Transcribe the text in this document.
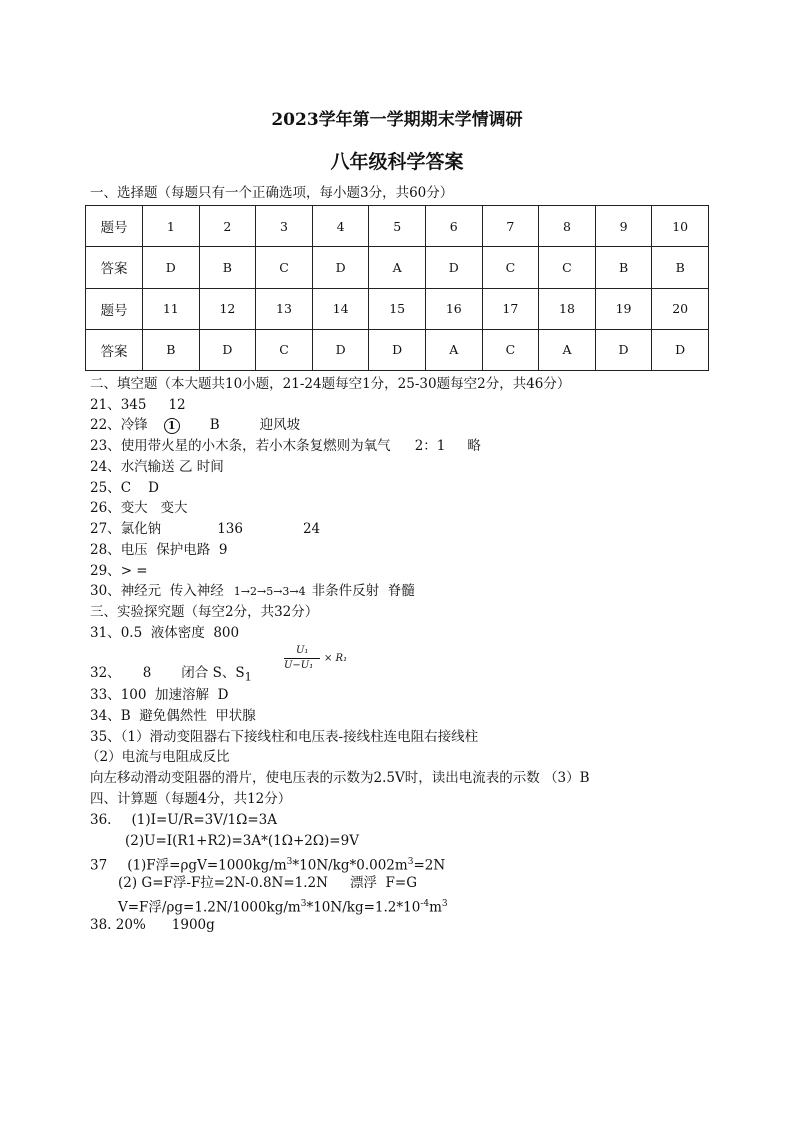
2023学年第一学期期末学情调研
八年级科学答案
一、选择题（每题只有一个正确选项，每小题3分，共60分）
题号	1	2	3	4	5	6	7	8	9	10
答案	D	B	C	D	A	D	C	C	B	B
题号	11	12	13	14	15	16	17	18	19	20
答案	B	D	C	D	D	A	C	A	D	D
二、填空题（本大题共10小题，21-24题每空1分，25-30题每空2分，共46分）
21、345 12
22、冷锋 1	B	迎风坡
23、使用带火星的小木条，若小木条复燃则为氧气 2：1 略
24、水汽输送 乙 时间
25、C    D
26、变大   变大
27、氯化钠	136	24
28、电压  保护电路  9
29、> =
30、神经元  传入神经 1→2→5→3→4 非条件反射  脊髓
三、实验探究题（每空2分，共32分）
31、0.5  液体密度  800
32、 8 闭合 S、$S_1$
U₁
U−U₁
× R₁
33、100  加速溶解  D
34、B  避免偶然性  甲状腺
35、（1）滑动变阻器右下接线柱和电压表-接线柱连电阻右接线柱
（2）电流与电阻成反比
向左移动滑动变阻器的滑片，使电压表的示数为2.5V时，读出电流表的示数 （3）B
四、计算题（每题4分，共12分）
36. (1)I=U/R=3V/1Ω=3A
(2)U=I(R1+R2)=3A*(1Ω+2Ω)=9V
37 (1)F浮$=\rho gV=1000kg/m^3*10N/kg*0.002m^3=2N$
(2) G=F浮-F拉=2N-0.8N=1.2N 漂浮  F=G
V=F浮$/\rho g=1.2N/1000kg/m^3*10N/kg=1.2*10^{-4}m^3$
38. 20% 1900g
